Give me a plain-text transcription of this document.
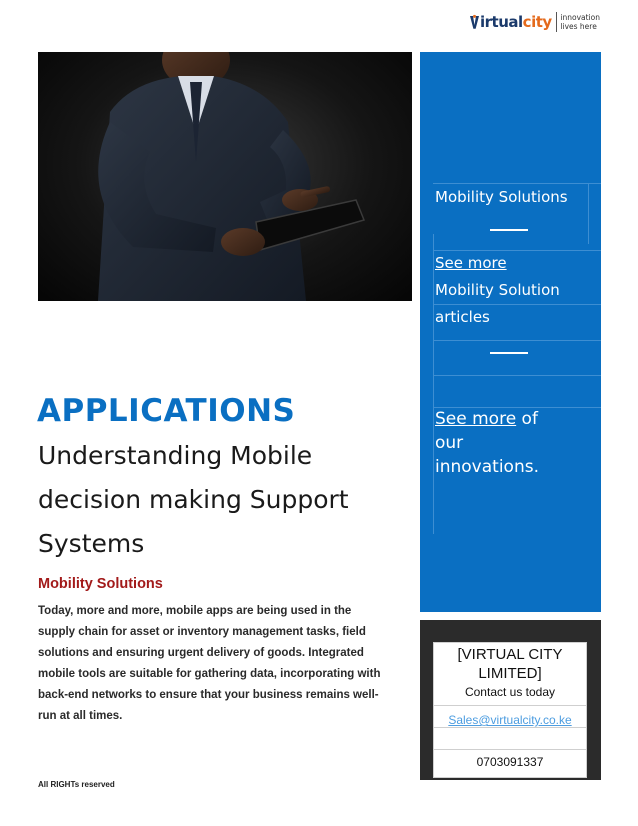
irtualcity innovation
lives here
Mobility Solutions
See more
Mobility Solution
articles
See more of
our
innovations.
[VIRTUAL CITY
LIMITED]
Contact us today
Sales@virtualcity.co.ke
0703091337
APPLICATIONS
Understanding Mobile
decision making Support
Systems
Mobility Solutions
Today, more and more, mobile apps are being used in the
supply chain for asset or inventory management tasks, field
solutions and ensuring urgent delivery of goods. Integrated
mobile tools are suitable for gathering data, incorporating with
back-end networks to ensure that your business remains well-
run at all times.
All RIGHTs reserved
